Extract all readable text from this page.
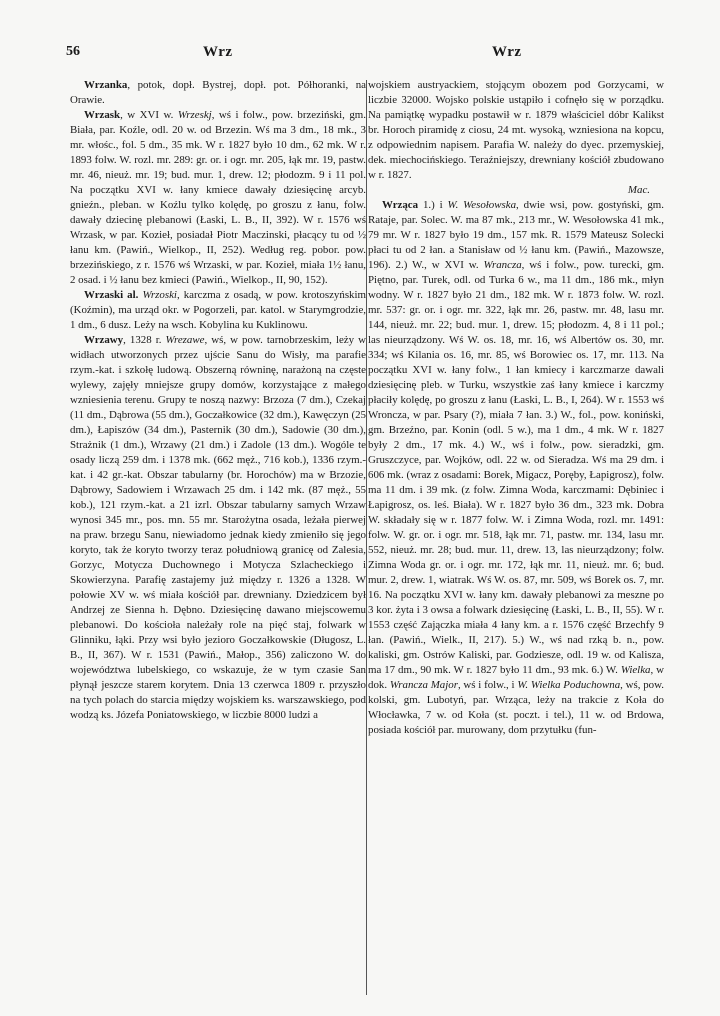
56	Wrz	Wrz

Wrzanka, potok, dopł. Bystrej, dopł. pot. Półhoranki, na Orawie.

Wrzask, w XVI w. Wrzeskj, wś i folw., pow. brzeziński, gm. Biała, par. Koźle, odl. 20 w. od Brzezin. Wś ma 3 dm., 18 mk., 3 mr. włośc., fol. 5 dm., 35 mk. W r. 1827 było 10 dm., 62 mk. W r. 1893 folw. W. rozl. mr. 289: gr. or. i ogr. mr. 205, łąk mr. 19, pastw. mr. 46, nieuż. mr. 19; bud. mur. 1, drew. 12; płodozm. 9 i 11 pol. Na początku XVI w. łany kmiece dawały dziesięcinę arcyb. gnieźn., pleban. w Koźlu tylko kolędę, po groszu z łanu, folw. dawały dziecinę plebanowi (Łaski, L. B., II, 392). W r. 1576 wś Wrzask, w par. Kozieł, posiadał Piotr Maczinski, płacący tu od ½ łanu km. (Pawiń., Wielkop., II, 252). Według reg. pobor. pow. brzezińskiego, z r. 1576 wś Wrzaski, w par. Kozieł, miała 1½ łanu, 2 osad. i ½ łanu bez kmieci (Pawiń., Wielkop., II, 90, 152).

Wrzaski al. Wrzoski, karczma z osadą, w pow. krotoszyńskim (Koźmin), ma urząd okr. w Pogorzeli, par. katol. w Starymgrodzie, 1 dm., 6 dusz. Leży na wsch. Kobylina ku Kuklinowu.

Wrzawy, 1328 r. Wrezawe, wś, w pow. tarnobrzeskim, leży w widłach utworzonych przez ujście Sanu do Wisły, ma parafie rzym.-kat. i szkołę ludową. Obszerną równinę, narażoną na częste wylewy, zajęły mniejsze grupy domów, korzystające z małego wzniesienia terenu. Grupy te noszą nazwy: Brzoza (7 dm.), Czekaj (11 dm., Dąbrowa (55 dm.), Goczałkowice (32 dm.), Kawęczyn (25 dm.), Łapiszów (34 dm.), Pasternik (30 dm.), Sadowie (30 dm.), Strażnik (1 dm.), Wrzawy (21 dm.) i Zadole (13 dm.). Wogóle te osady liczą 259 dm. i 1378 mk. (662 męż., 716 kob.), 1336 rzym.-kat. i 42 gr.-kat. Obszar tabularny (br. Horochów) ma w Brzozie, Dąbrowy, Sadowiem i Wrzawach 25 dm. i 142 mk. (87 męż., 55 kob.), 121 rzym.-kat. a 21 izrl. Obszar tabularny samych Wrzaw wynosi 345 mr., pos. mn. 55 mr. Starożytna osada, leżała pierwej na praw. brzegu Sanu, niewiadomo jednak kiedy zmieniło się jego koryto, tak że koryto tworzy teraz południową granicę od Zalesia, Gorzyc, Motycza Duchownego i Motycza Szlacheckiego i Skowierzyna. Parafię zastajemy już między r. 1326 a 1328. W połowie XV w. wś miała kościół par. drewniany. Dziedzicem był Andrzej ze Sienna h. Dębno. Dziesięcinę dawano miejscowemu plebanowi. Do kościoła należały role na pięć staj, folwark w Glinniku, łąki. Przy wsi było jezioro Goczałkowskie (Długosz, L. B., II, 367). W r. 1531 (Pawiń., Małop., 356) zaliczono W. do województwa lubelskiego, co wskazuje, że w tym czasie San płynął jeszcze starem korytem. Dnia 13 czerwca 1809 r. przyszło na tych polach do starcia między wojskiem ks. warszawskiego, pod wodzą ks. Józefa Poniatowskiego, w liczbie 8000 ludzi a

wojskiem austryackiem, stojącym obozem pod Gorzycami, w liczbie 32000. Wojsko polskie ustąpiło i cofnęło się w porządku. Na pamiątkę wypadku postawił w r. 1879 właściciel dóbr Kalikst br. Horoch piramidę z ciosu, 24 mt. wysoką, wzniesiona na kopcu, z odpowiednim napisem. Parafia W. należy do dyec. przemyskiej, dek. miechocińskiego. Teraźniejszy, drewniany kościół zbudowano w r. 1827.
Mac.

Wrząca 1.) i W. Wesołowska, dwie wsi, pow. gostyński, gm. Rataje, par. Solec. W. ma 87 mk., 213 mr., W. Wesołowska 41 mk., 79 mr. W r. 1827 było 19 dm., 157 mk. R. 1579 Mateusz Solecki płaci tu od 2 łan. a Stanisław od ½ łanu km. (Pawiń., Mazowsze, 196). 2.) W., w XVI w. Wrancza, wś i folw., pow. turecki, gm. Piętno, par. Turek, odl. od Turka 6 w., ma 11 dm., 186 mk., młyn wodny. W r. 1827 było 21 dm., 182 mk. W r. 1873 folw. W. rozl. mr. 537: gr. or. i ogr. mr. 322, łąk mr. 26, pastw. mr. 48, lasu mr. 144, nieuż. mr. 22; bud. mur. 1, drew. 15; płodozm. 4, 8 i 11 pol.; las nieurządzony. Wś W. os. 18, mr. 16, wś Albertów os. 30, mr. 334; wś Kilania os. 16, mr. 85, wś Borowiec os. 17, mr. 113. Na początku XVI w. łany folw., 1 łan kmiecy i karczmarze dawali dziesięcinę pleb. w Turku, wszystkie zaś łany kmiece i karczmy płaciły kolędę, po groszu z łanu (Łaski, L. B., I, 264). W r. 1553 wś Wroncza, w par. Psary (?), miała 7 łan. 3.) W., fol., pow. koniński, gm. Brzeźno, par. Konin (odl. 5 w.), ma 1 dm., 4 mk. W r. 1827 były 2 dm., 17 mk. 4.) W., wś i folw., pow. sieradzki, gm. Gruszczyce, par. Wojków, odl. 22 w. od Sieradza. Wś ma 29 dm. i 606 mk. (wraz z osadami: Borek, Migacz, Poręby, Łapigrosz), folw. ma 11 dm. i 39 mk. (z folw. Zimna Woda, karczmami: Dębiniec i Łapigrosz, os. leś. Biała). W r. 1827 było 36 dm., 323 mk. Dobra W. składały się w r. 1877 folw. W. i Zimna Woda, rozl. mr. 1491: folw. W. gr. or. i ogr. mr. 518, łąk mr. 71, pastw. mr. 134, lasu mr. 552, nieuż. mr. 28; bud. mur. 11, drew. 13, las nieurządzony; folw. Zimna Woda gr. or. i ogr. mr. 172, łąk mr. 11, nieuż. mr. 6; bud. mur. 2, drew. 1, wiatrak. Wś W. os. 87, mr. 509, wś Borek os. 7, mr. 16. Na początku XVI w. łany km. dawały plebanowi za meszne po 3 kor. żyta i 3 owsa a folwark dziesięcinę (Łaski, L. B., II, 55). W r. 1553 część Zajączka miała 4 łany km. a r. 1576 część Brzechfy 9 łan. (Pawiń., Wielk., II, 217). 5.) W., wś nad rzką b. n., pow. kaliski, gm. Ostrów Kaliski, par. Godziesze, odl. 19 w. od Kalisza, ma 17 dm., 90 mk. W r. 1827 było 11 dm., 93 mk. 6.) W. Wielka, w dok. Wrancza Major, wś i folw., i W. Wielka Poduchowna, wś, pow. kolski, gm. Lubotyń, par. Wrząca, leży na trakcie z Koła do Włocławka, 7 w. od Koła (st. poczt. i tel.), 11 w. od Brdowa, posiada kościół par. murowany, dom przytułku (fun-
